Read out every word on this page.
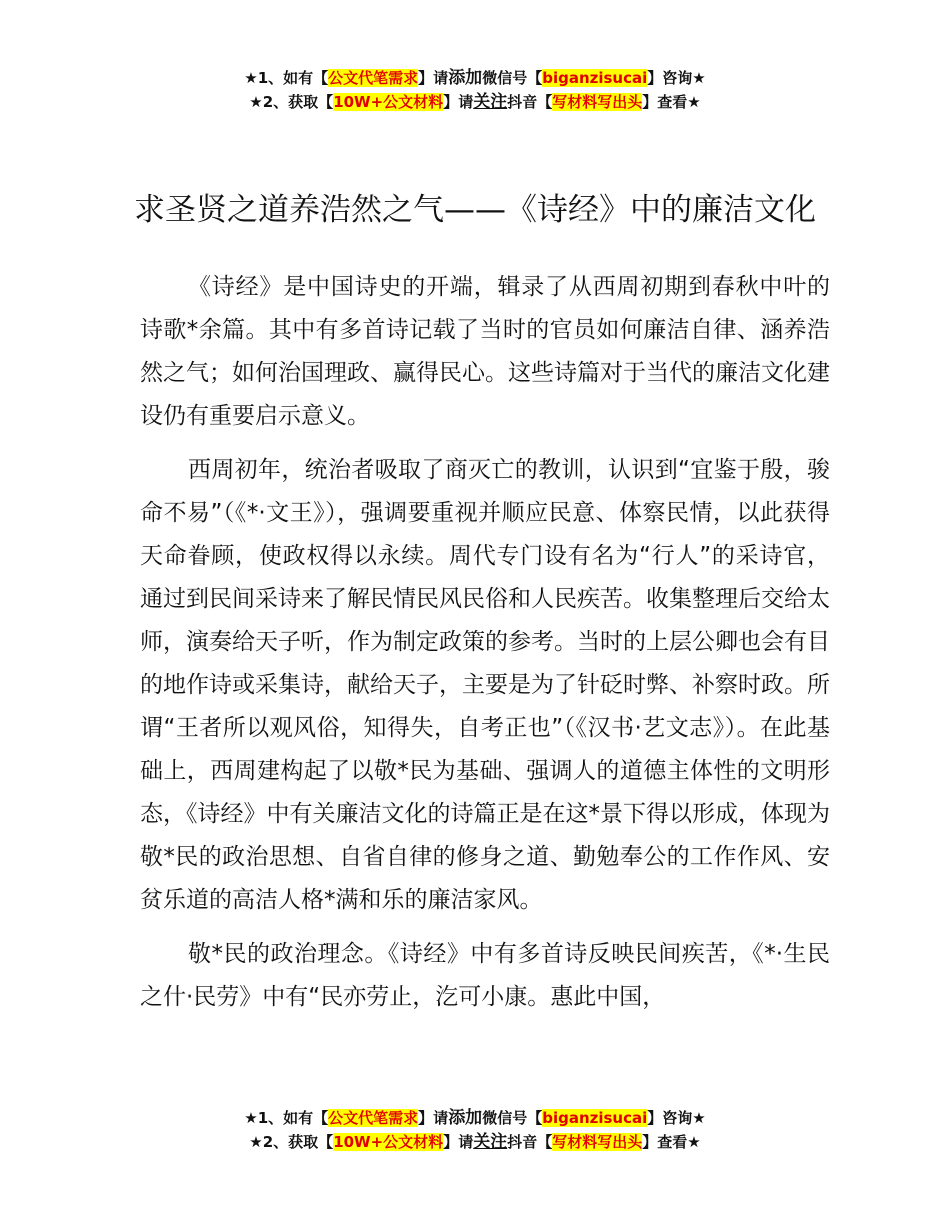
★1、如有【公文代笔需求】请添加微信号【biganzisucai】咨询★
★2、获取【10W+公文材料】请关注抖音【写材料写出头】查看★
求圣贤之道养浩然之气——《诗经》中的廉洁文化

《诗经》是中国诗史的开端，辑录了从西周初期到春秋中叶的诗歌*余篇。其中有多首诗记载了当时的官员如何廉洁自律、涵养浩然之气；如何治国理政、赢得民心。这些诗篇对于当代的廉洁文化建设仍有重要启示意义。

西周初年，统治者吸取了商灭亡的教训，认识到“宜鉴于殷，骏命不易”（《*·文王》），强调要重视并顺应民意、体察民情，以此获得天命眷顾，使政权得以永续。周代专门设有名为“行人”的采诗官，通过到民间采诗来了解民情民风民俗和人民疾苦。收集整理后交给太师，演奏给天子听，作为制定政策的参考。当时的上层公卿也会有目的地作诗或采集诗，献给天子，主要是为了针砭时弊、补察时政。所谓“王者所以观风俗，知得失，自考正也”（《汉书·艺文志》）。在此基础上，西周建构起了以敬*民为基础、强调人的道德主体性的文明形态，《诗经》中有关廉洁文化的诗篇正是在这*景下得以形成，体现为敬*民的政治思想、自省自律的修身之道、勤勉奉公的工作作风、安贫乐道的高洁人格*满和乐的廉洁家风。

敬*民的政治理念。《诗经》中有多首诗反映民间疾苦，《*·生民之什·民劳》中有“民亦劳止，汔可小康。惠此中国，

★1、如有【公文代笔需求】请添加微信号【biganzisucai】咨询★
★2、获取【10W+公文材料】请关注抖音【写材料写出头】查看★
